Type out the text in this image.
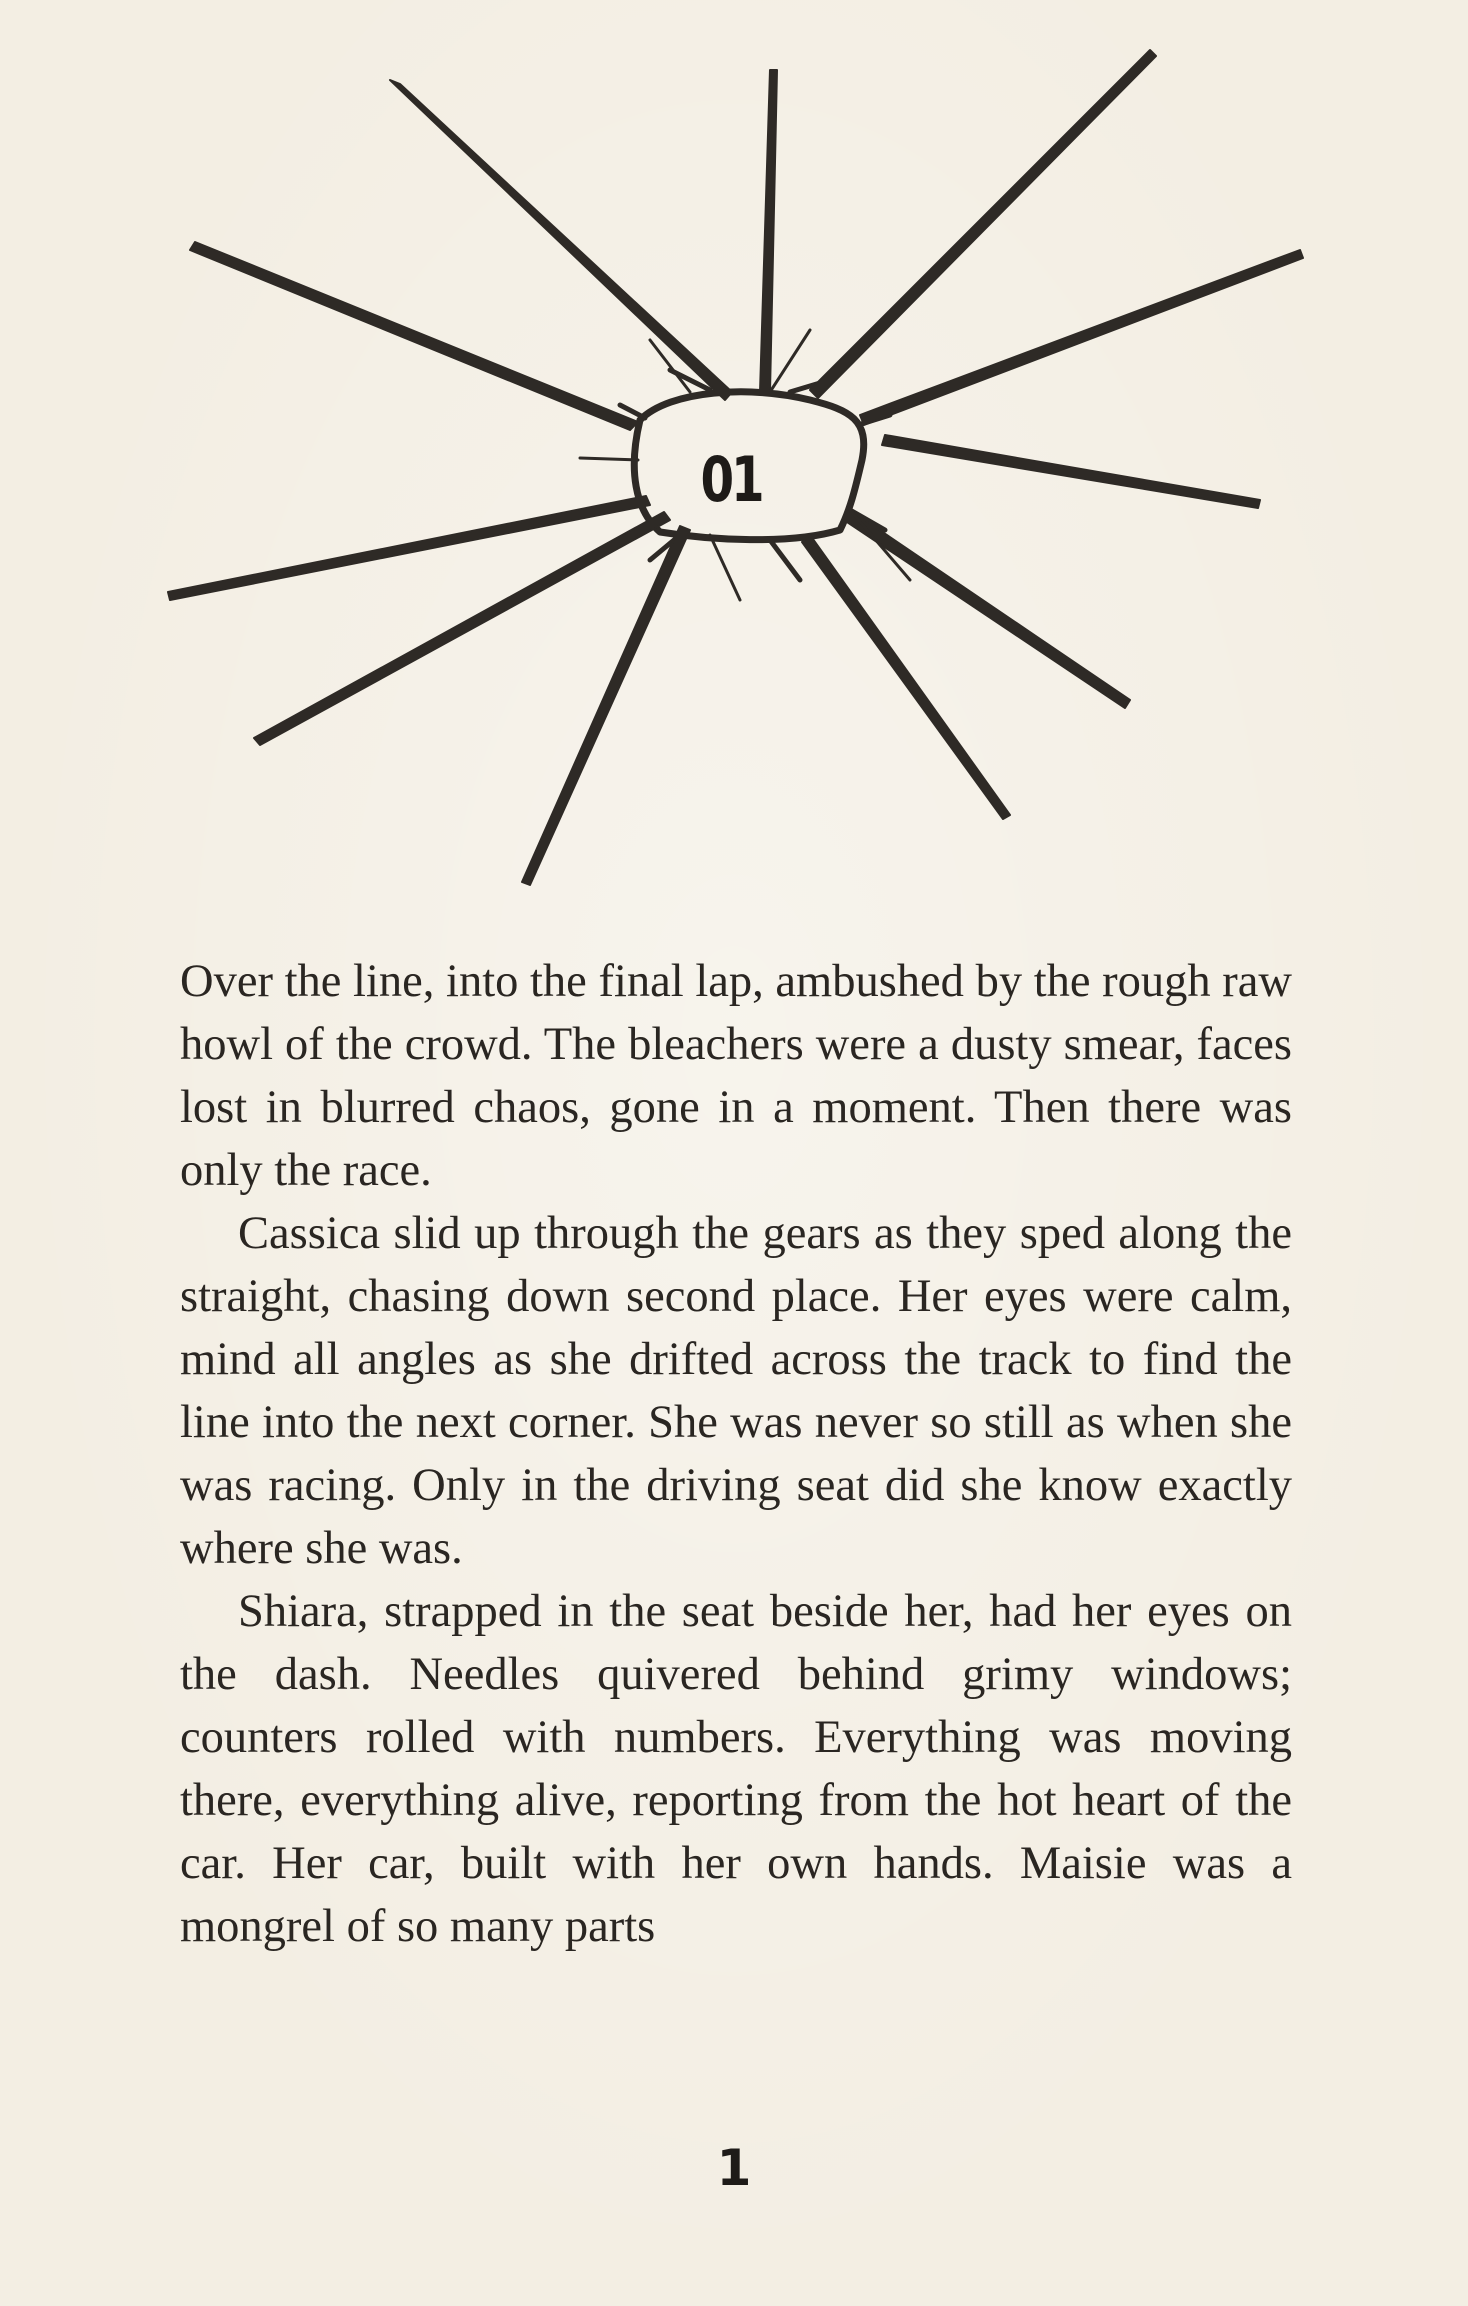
01

Over the line, into the final lap, ambushed by the rough raw howl of the crowd. The bleachers were a dusty smear, faces lost in blurred chaos, gone in a moment. Then there was only the race.

Cassica slid up through the gears as they sped along the straight, chasing down second place. Her eyes were calm, mind all angles as she drifted across the track to find the line into the next corner. She was never so still as when she was racing. Only in the driving seat did she know exactly where she was.

Shiara, strapped in the seat beside her, had her eyes on the dash. Needles quivered behind grimy windows; counters rolled with numbers. Everything was moving there, everything alive, reporting from the hot heart of the car. Her car, built with her own hands. Maisie was a mongrel of so many parts

1
